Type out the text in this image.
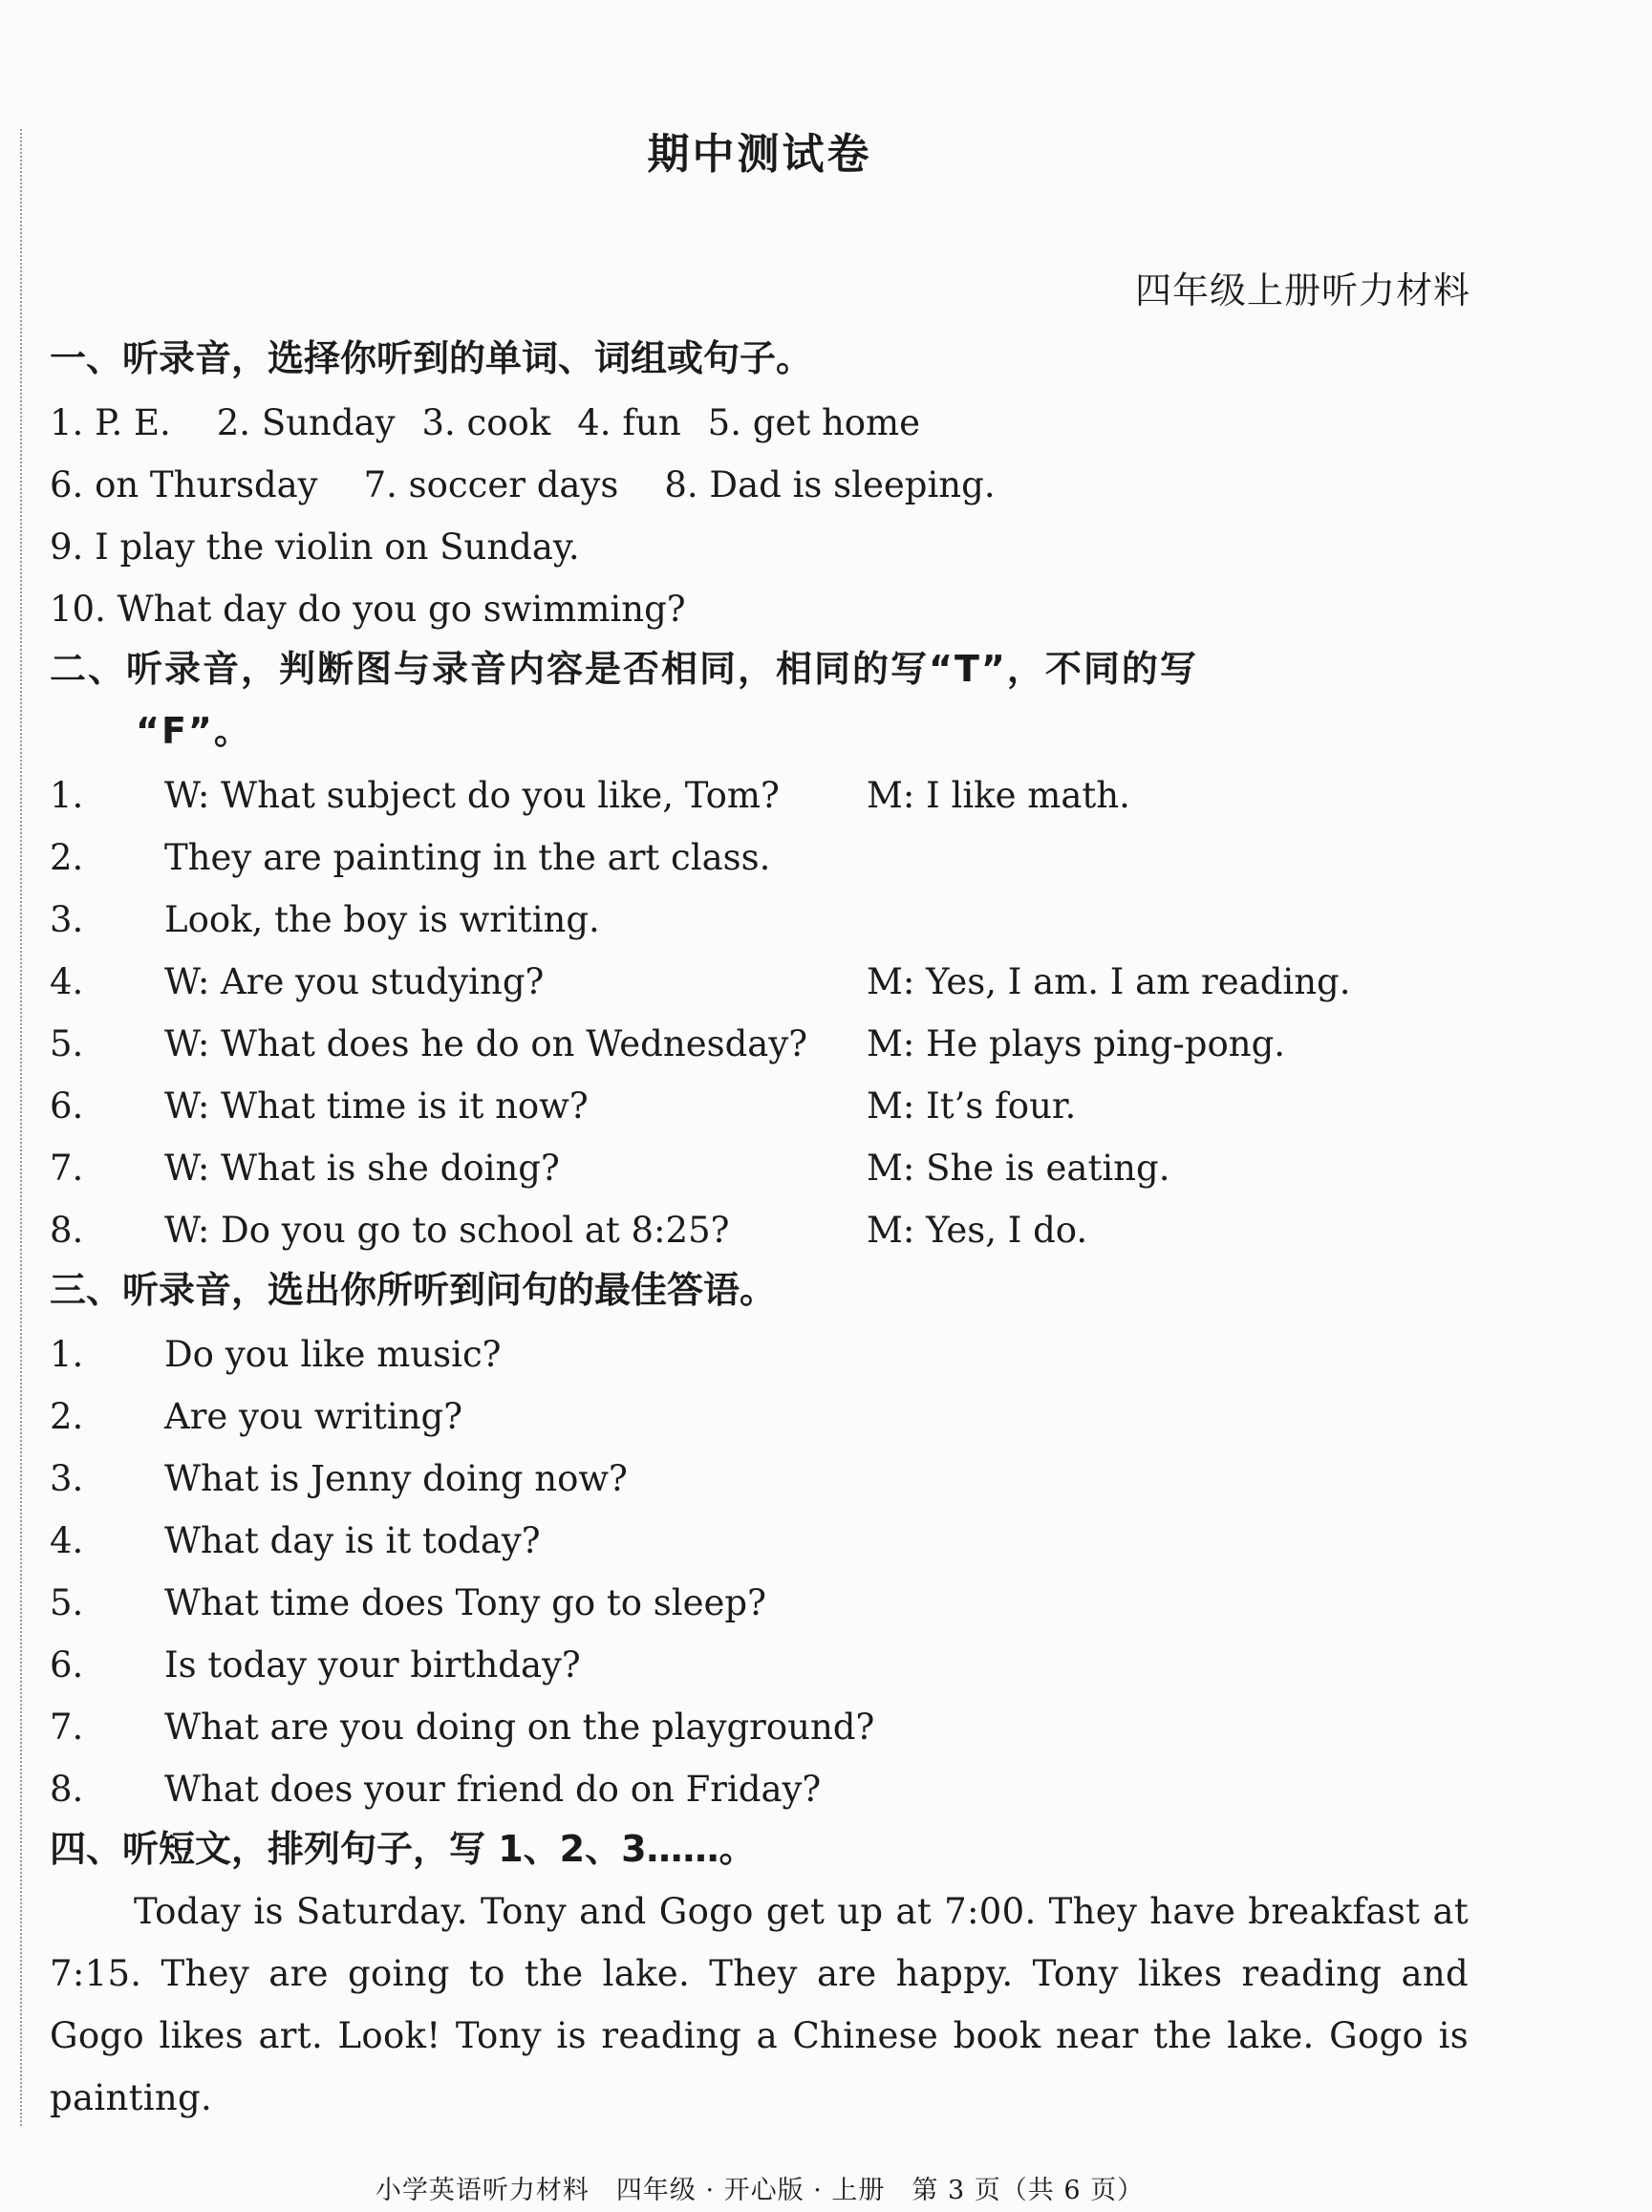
期中测试卷
四年级上册听力材料
一、听录音，选择你听到的单词、词组或句子。
1. P. E. 2. Sunday 3. cook 4. fun 5. get home
6. on Thursday 7. soccer days 8. Dad is sleeping.
9. I play the violin on Sunday.
10. What day do you go swimming?
二、听录音，判断图与录音内容是否相同，相同的写“T”，不同的写
“F”。
1. W: What subject do you like, Tom? M: I like math.
2. They are painting in the art class.
3. Look, the boy is writing.
4. W: Are you studying?	M: Yes, I am. I am reading.
5. W: What does he do on Wednesday? M: He plays ping-pong.
6. W: What time is it now?	M: It’s four.
7. W: What is she doing?	M: She is eating.
8. W: Do you go to school at 8:25?	M: Yes, I do.
三、听录音，选出你所听到问句的最佳答语。
1. Do you like music?
2. Are you writing?
3. What is Jenny doing now?
4. What day is it today?
5. What time does Tony go to sleep?
6. Is today your birthday?
7. What are you doing on the playground?
8. What does your friend do on Friday?
四、听短文，排列句子，写 1、2、3……。
Today is Saturday. Tony and Gogo get up at 7:00. They have breakfast at 7:15. They are going to the lake. They are happy. Tony likes reading and Gogo likes art. Look! Tony is reading a Chinese book near the lake. Gogo is painting.
小学英语听力材料　四年级 · 开心版 · 上册　第 3 页（共 6 页）
